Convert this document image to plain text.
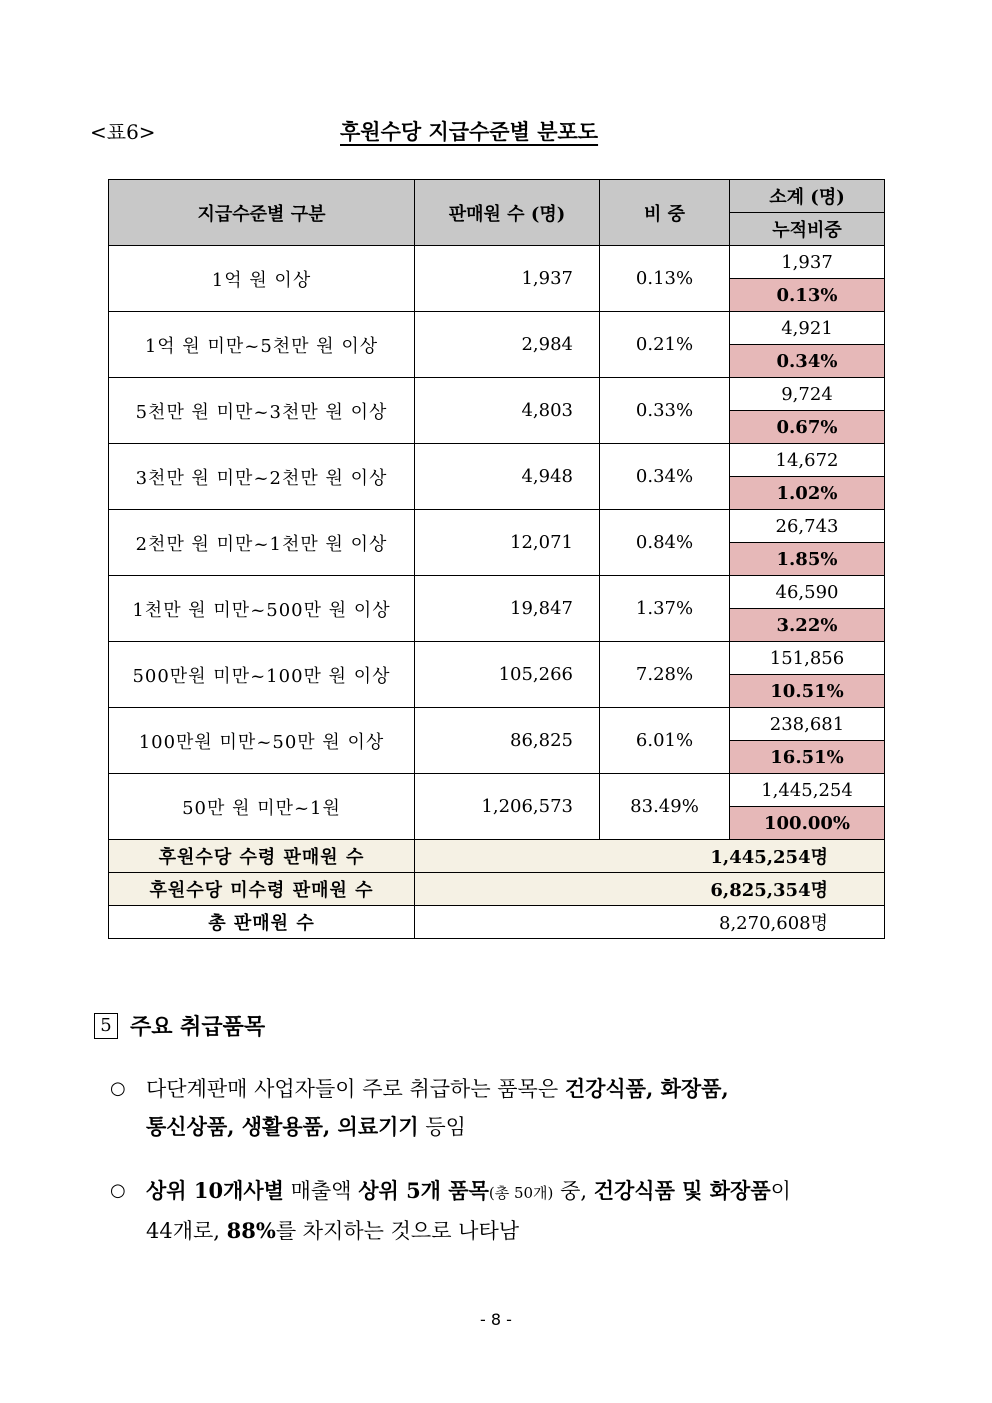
<표6>	후원수당 지급수준별 분포도
지급수준별 구분	판매원 수 (명)	비 중	소계 (명)
			누적비중
1억 원 이상	1,937	0.13%	1,937
			0.13%
1억 원 미만~5천만 원 이상	2,984	0.21%	4,921
			0.34%
5천만 원 미만~3천만 원 이상	4,803	0.33%	9,724
			0.67%
3천만 원 미만~2천만 원 이상	4,948	0.34%	14,672
			1.02%
2천만 원 미만~1천만 원 이상	12,071	0.84%	26,743
			1.85%
1천만 원 미만~500만 원 이상	19,847	1.37%	46,590
			3.22%
500만원 미만~100만 원 이상	105,266	7.28%	151,856
			10.51%
100만원 미만~50만 원 이상	86,825	6.01%	238,681
			16.51%
50만 원 미만~1원	1,206,573	83.49%	1,445,254
			100.00%
후원수당 수령 판매원 수	1,445,254명		
후원수당 미수령 판매원 수	6,825,354명		
총 판매원 수	8,270,608명		
5 주요 취급품목
○ 다단계판매 사업자들이 주로 취급하는 품목은 건강식품, 화장품,
통신상품, 생활용품, 의료기기 등임
○ 상위 10개사별 매출액 상위 5개 품목(총 50개) 중, 건강식품 및 화장품이
44개로, 88%를 차지하는 것으로 나타남
- 8 -
